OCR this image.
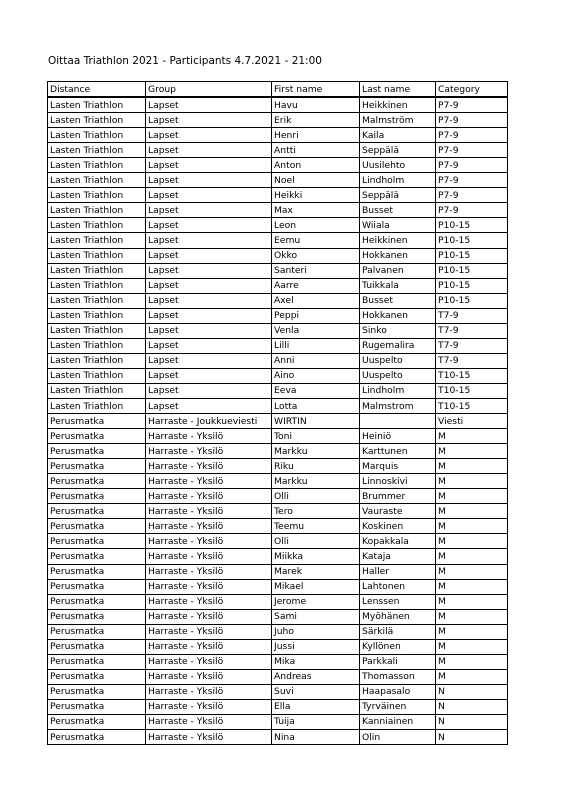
Oittaa Triathlon 2021 - Participants 4.7.2021 - 21:00
Distance	Group	First name	Last name	Category
Lasten Triathlon	Lapset	Havu	Heikkinen	P7-9
Lasten Triathlon	Lapset	Erik	Malmström	P7-9
Lasten Triathlon	Lapset	Henri	Kaila	P7-9
Lasten Triathlon	Lapset	Antti	Seppälä	P7-9
Lasten Triathlon	Lapset	Anton	Uusilehto	P7-9
Lasten Triathlon	Lapset	Noel	Lindholm	P7-9
Lasten Triathlon	Lapset	Heikki	Seppälä	P7-9
Lasten Triathlon	Lapset	Max	Busset	P7-9
Lasten Triathlon	Lapset	Leon	Wiiala	P10-15
Lasten Triathlon	Lapset	Eemu	Heikkinen	P10-15
Lasten Triathlon	Lapset	Okko	Hokkanen	P10-15
Lasten Triathlon	Lapset	Santeri	Palvanen	P10-15
Lasten Triathlon	Lapset	Aarre	Tuikkala	P10-15
Lasten Triathlon	Lapset	Axel	Busset	P10-15
Lasten Triathlon	Lapset	Peppi	Hokkanen	T7-9
Lasten Triathlon	Lapset	Venla	Sinko	T7-9
Lasten Triathlon	Lapset	Lilli	Rugemalira	T7-9
Lasten Triathlon	Lapset	Anni	Uuspelto	T7-9
Lasten Triathlon	Lapset	Aino	Uuspelto	T10-15
Lasten Triathlon	Lapset	Eeva	Lindholm	T10-15
Lasten Triathlon	Lapset	Lotta	Malmstrom	T10-15
Perusmatka	Harraste - Joukkueviesti	WIRTIN		Viesti
Perusmatka	Harraste - Yksilö	Toni	Heiniö	M
Perusmatka	Harraste - Yksilö	Markku	Karttunen	M
Perusmatka	Harraste - Yksilö	Riku	Marquis	M
Perusmatka	Harraste - Yksilö	Markku	Linnoskivi	M
Perusmatka	Harraste - Yksilö	Olli	Brummer	M
Perusmatka	Harraste - Yksilö	Tero	Vauraste	M
Perusmatka	Harraste - Yksilö	Teemu	Koskinen	M
Perusmatka	Harraste - Yksilö	Olli	Kopakkala	M
Perusmatka	Harraste - Yksilö	Miikka	Kataja	M
Perusmatka	Harraste - Yksilö	Marek	Haller	M
Perusmatka	Harraste - Yksilö	Mikael	Lahtonen	M
Perusmatka	Harraste - Yksilö	Jerome	Lenssen	M
Perusmatka	Harraste - Yksilö	Sami	Myöhänen	M
Perusmatka	Harraste - Yksilö	Juho	Särkilä	M
Perusmatka	Harraste - Yksilö	Jussi	Kyllönen	M
Perusmatka	Harraste - Yksilö	Mika	Parkkali	M
Perusmatka	Harraste - Yksilö	Andreas	Thomasson	M
Perusmatka	Harraste - Yksilö	Suvi	Haapasalo	N
Perusmatka	Harraste - Yksilö	Ella	Tyrväinen	N
Perusmatka	Harraste - Yksilö	Tuija	Kanniainen	N
Perusmatka	Harraste - Yksilö	Nina	Olin	N
